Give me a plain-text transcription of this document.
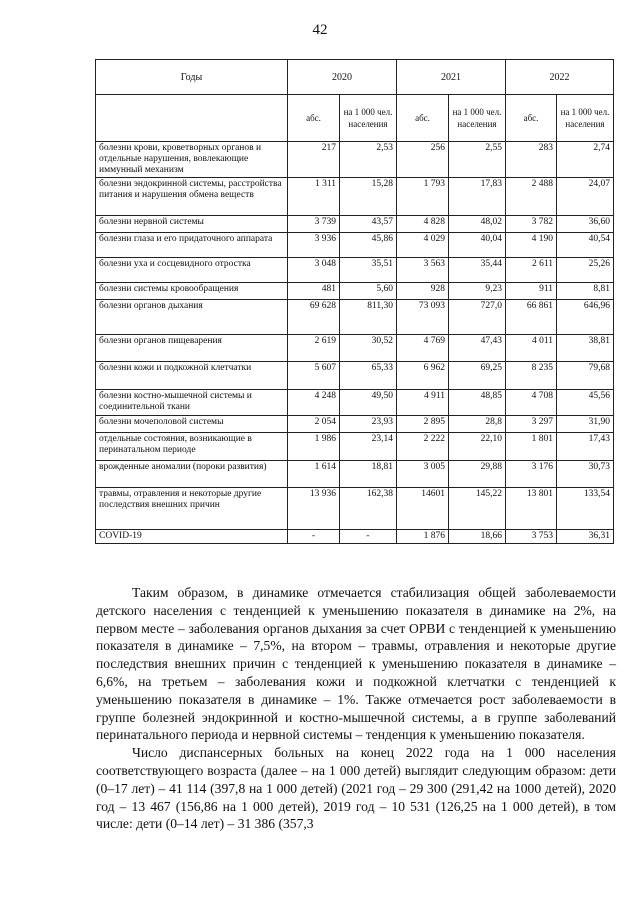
42
Годы	2020		2021		2022	
	абс.	на 1 000 чел. населения	абс.	на 1 000 чел. населения	абс.	на 1 000 чел. населения
болезни крови, кроветворных органов и отдельные нарушения, вовлекающие иммунный механизм	217	2,53	256	2,55	283	2,74
болезни эндокринной системы, расстройства питания и нарушения обмена веществ	1 311	15,28	1 793	17,83	2 488	24,07
болезни нервной системы	3 739	43,57	4 828	48,02	3 782	36,60
болезни глаза и его придаточного аппарата	3 936	45,86	4 029	40,04	4 190	40,54
болезни уха и сосцевидного отростка	3 048	35,51	3 563	35,44	2 611	25,26
болезни системы кровообращения	481	5,60	928	9,23	911	8,81
болезни органов дыхания	69 628	811,30	73 093	727,0	66 861	646,96
болезни органов пищеварения	2 619	30,52	4 769	47,43	4 011	38,81
болезни кожи и подкожной клетчатки	5 607	65,33	6 962	69,25	8 235	79,68
болезни костно-мышечной системы и соединительной ткани	4 248	49,50	4 911	48,85	4 708	45,56
болезни мочеполовой системы	2 054	23,93	2 895	28,8	3 297	31,90
отдельные состояния, возникающие в перинатальном периоде	1 986	23,14	2 222	22,10	1 801	17,43
врожденные аномалии (пороки развития)	1 614	18,81	3 005	29,88	3 176	30,73
травмы, отравления и некоторые другие последствия внешних причин	13 936	162,38	14601	145,22	13 801	133,54
COVID-19	-	-	1 876	18,66	3 753	36,31

Таким образом, в динамике отмечается стабилизация общей заболеваемости детского населения с тенденцией к уменьшению показателя в динамике на 2%, на первом месте – заболевания органов дыхания за счет ОРВИ с тенденцией к уменьшению показателя в динамике – 7,5%, на втором – травмы, отравления и некоторые другие последствия внешних причин с тенденцией к уменьшению показателя в динамике – 6,6%, на третьем – заболевания кожи и подкожной клетчатки с тенденцией к уменьшению показателя в динамике – 1%. Также отмечается рост заболеваемости в группе болезней эндокринной и костно-мышечной системы, а в группе заболеваний перинатального периода и нервной системы – тенденция к уменьшению показателя.

Число диспансерных больных на конец 2022 года на 1 000 населения соответствующего возраста (далее – на 1 000 детей) выглядит следующим образом: дети (0–17 лет) – 41 114 (397,8 на 1 000 детей) (2021 год – 29 300 (291,42 на 1000 детей), 2020 год – 13 467 (156,86 на 1 000 детей), 2019 год – 10 531 (126,25 на 1 000 детей), в том числе: дети (0–14 лет) – 31 386 (357,3
